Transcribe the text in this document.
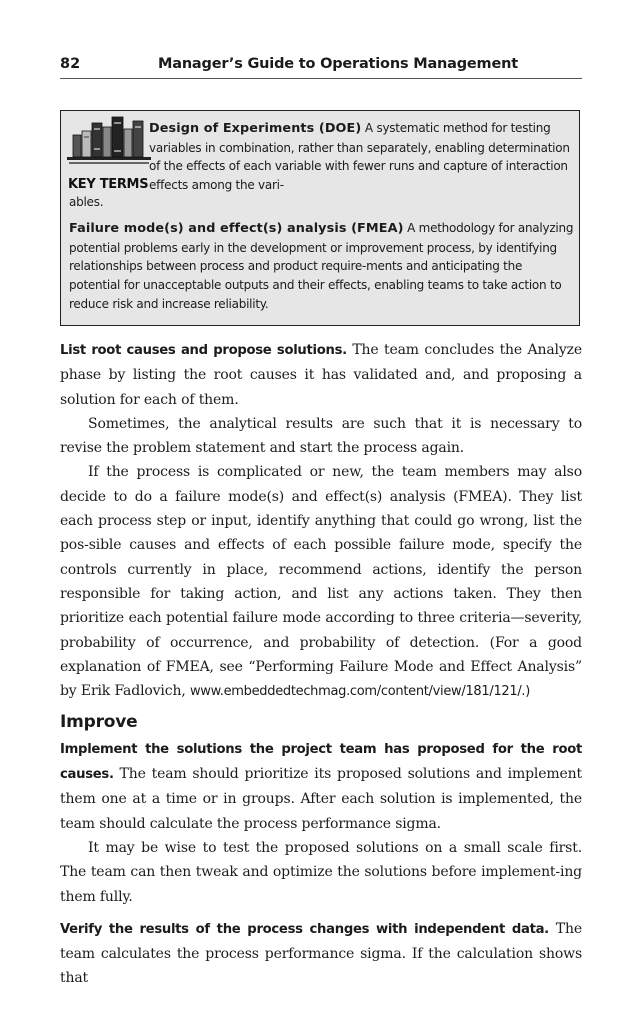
82	Manager’s Guide to Operations Management
KEY TERMS
Design of Experiments (DOE) A systematic method for testing variables in combination, rather than separately, enabling determination of the effects of each variable with fewer runs and capture of interaction effects among the vari-
ables.
Failure mode(s) and effect(s) analysis (FMEA) A methodology for analyzing potential problems early in the development or improvement process, by identifying relationships between process and product require-ments and anticipating the potential for unacceptable outputs and their effects, enabling teams to take action to reduce risk and increase reliability.

List root causes and propose solutions. The team concludes the Analyze phase by listing the root causes it has validated and, and proposing a solution for each of them.

Sometimes, the analytical results are such that it is necessary to revise the problem statement and start the process again.

If the process is complicated or new, the team members may also decide to do a failure mode(s) and effect(s) analysis (FMEA). They list each process step or input, identify anything that could go wrong, list the pos-sible causes and effects of each possible failure mode, specify the controls currently in place, recommend actions, identify the person responsible for taking action, and list any actions taken. They then prioritize each potential failure mode according to three criteria—severity, probability of occurrence, and probability of detection. (For a good explanation of FMEA, see “Performing Failure Mode and Effect Analysis” by Erik Fadlovich, www.embeddedtechmag.com/content/view/181/121/.)

Improve

Implement the solutions the project team has proposed for the root causes. The team should prioritize its proposed solutions and implement them one at a time or in groups. After each solution is implemented, the team should calculate the process performance sigma.

It may be wise to test the proposed solutions on a small scale first. The team can then tweak and optimize the solutions before implement-ing them fully.

Verify the results of the process changes with independent data. The team calculates the process performance sigma. If the calculation shows that
